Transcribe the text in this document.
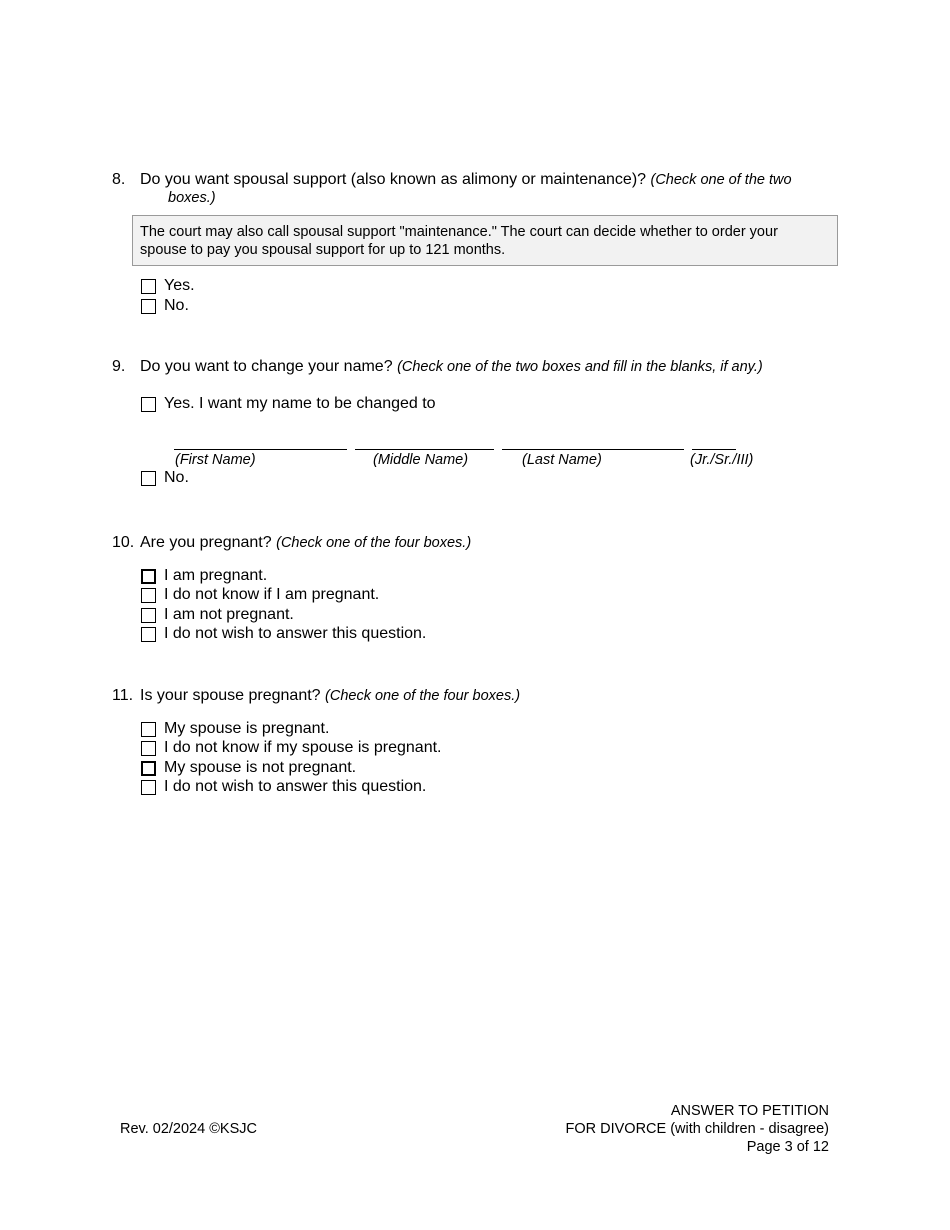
8. Do you want spousal support (also known as alimony or maintenance)? (Check one of the two
boxes.)
The court may also call spousal support "maintenance." The court can decide whether to order your
spouse to pay you spousal support for up to 121 months.
Yes.
No.
9. Do you want to change your name? (Check one of the two boxes and fill in the blanks, if any.)
Yes. I want my name to be changed to
(First Name)	(Middle Name)	(Last Name)	(Jr./Sr./III)
No.
10. Are you pregnant? (Check one of the four boxes.)
I am pregnant.
I do not know if I am pregnant.
I am not pregnant.
I do not wish to answer this question.
11. Is your spouse pregnant? (Check one of the four boxes.)
My spouse is pregnant.
I do not know if my spouse is pregnant.
My spouse is not pregnant.
I do not wish to answer this question.
Rev. 02/2024 ©KSJC
ANSWER TO PETITION
FOR DIVORCE (with children - disagree)
Page 3 of 12
